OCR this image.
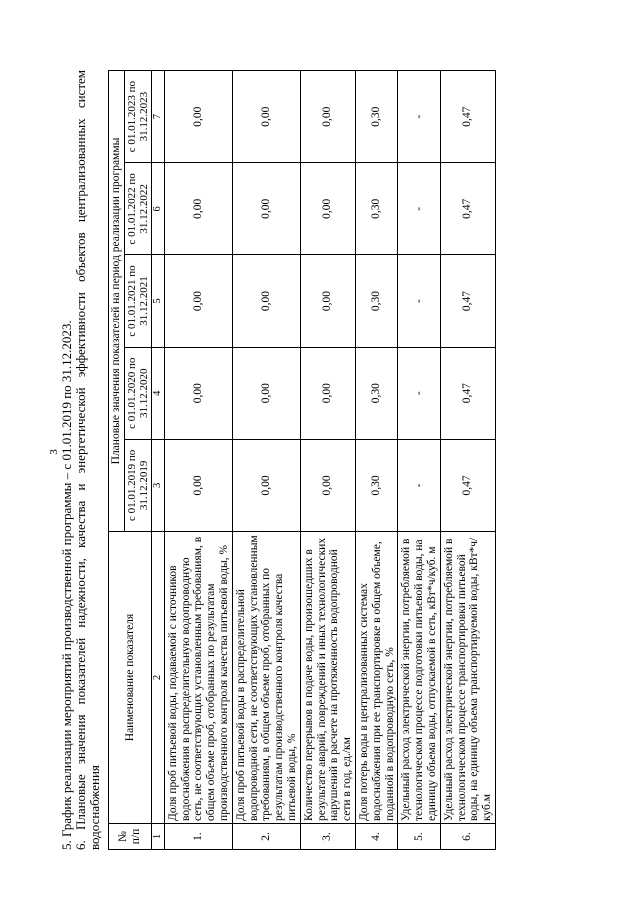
3 5. График реализации мероприятий производственной программы – с 01.01.2019 по 31.12.2023. 6. Плановые значения показателей надежности, качества и энергетической эффективности объектов централизованных систем водоснабжения № п/п	Наименование показателя	Плановые значения показателей на период реализации программы				
		с 01.01.2019 по 31.12.2019	с 01.01.2020 по 31.12.2020	с 01.01.2021 по 31.12.2021	с 01.01.2022 по 31.12.2022	с 01.01.2023 по 31.12.2023
1	2	3	4	5	6	7
1.	Доля проб питьевой воды, подаваемой с источников водоснабжения в распределительную водопроводную сеть, не соответствующих установленным требованиям, в общем объеме проб, отобранных по результатам производственного контроля качества питьевой воды, %	0,00	0,00	0,00	0,00	0,00
2.	Доля проб питьевой воды в распределительной водопроводной сети, не соответствующих установленным требованиям, в общем объеме проб, отобранных по результатам производственного контроля качества питьевой воды, %	0,00	0,00	0,00	0,00	0,00
3.	Количество перерывов в подаче воды, произошедших в результате аварий, повреждений и иных технологических нарушений в расчете на протяженность водопроводной сети в год, ед./км	0,00	0,00	0,00	0,00	0,00
4.	Доля потерь воды в централизованных системах водоснабжения при ее транспортировке в общем объеме, поданной в водопроводную сеть, %	0,30	0,30	0,30	0,30	0,30
5.	Удельный расход электрической энергии, потребляемой в технологическом процессе подготовки питьевой воды, на единицу объема воды, отпускаемой в сеть, кВт*ч/куб. м	-	-	-	-	-
6.	Удельный расход электрической энергии, потребляемой в технологическом процессе транспортировки питьевой воды, на единицу объема транспортируемой воды, кВт*ч/куб.м	0,47	0,47	0,47	0,47	0,47
